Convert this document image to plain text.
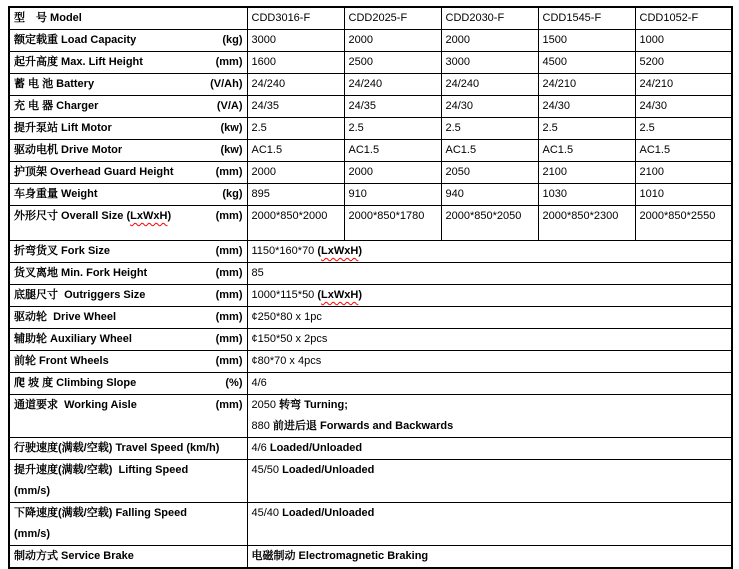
型　号 Model	CDD3016-F	CDD2025-F	CDD2030-F	CDD1545-F	CDD1052-F

额定载重 Load Capacity (kg)	3000	2000	2000	1500	1000

起升高度 Max. Lift Height (mm)	1600	2500	3000	4500	5200

蓄 电 池 Battery (V/Ah)	24/240	24/240	24/240	24/210	24/210

充 电 器 Charger (V/A)	24/35	24/35	24/30	24/30	24/30

提升泵站 Lift Motor (kw)	2.5	2.5	2.5	2.5	2.5

驱动电机 Drive Motor (kw)	AC1.5	AC1.5	AC1.5	AC1.5	AC1.5

护顶架 Overhead Guard Height (mm)	2000	2000	2050	2100	2100

车身重量 Weight (kg)	895	910	940	1030	1010

外形尺寸 Overall Size (LxWxH) (mm)	2000*850*2000	2000*850*1780	2000*850*2050	2000*850*2300	2000*850*2550

折弯货叉 Fork Size (mm)	1150*160*70 (LxWxH)				

货叉离地 Min. Fork Height (mm)	85				

底腿尺寸  Outriggers Size (mm)	1000*115*50 (LxWxH)				

驱动轮  Drive Wheel (mm)	¢250*80 x 1pc				

辅助轮 Auxiliary Wheel (mm)	¢150*50 x 2pcs				

前轮 Front Wheels (mm)	¢80*70 x 4pcs				

爬 坡 度 Climbing Slope (%)	4/6				

通道要求  Working Aisle	(mm)	2050 转弯 Turning;
880 前进后退 Forwards and Backwards

行驶速度(满载/空载) Travel Speed (km/h)	4/6 Loaded/Unloaded				

提升速度(满载/空载)  Lifting Speed
(mm/s)	45/50 Loaded/Unloaded				

下降速度(满载/空载) Falling Speed
(mm/s)	45/40 Loaded/Unloaded				

制动方式 Service Brake	电磁制动 Electromagnetic Braking				
